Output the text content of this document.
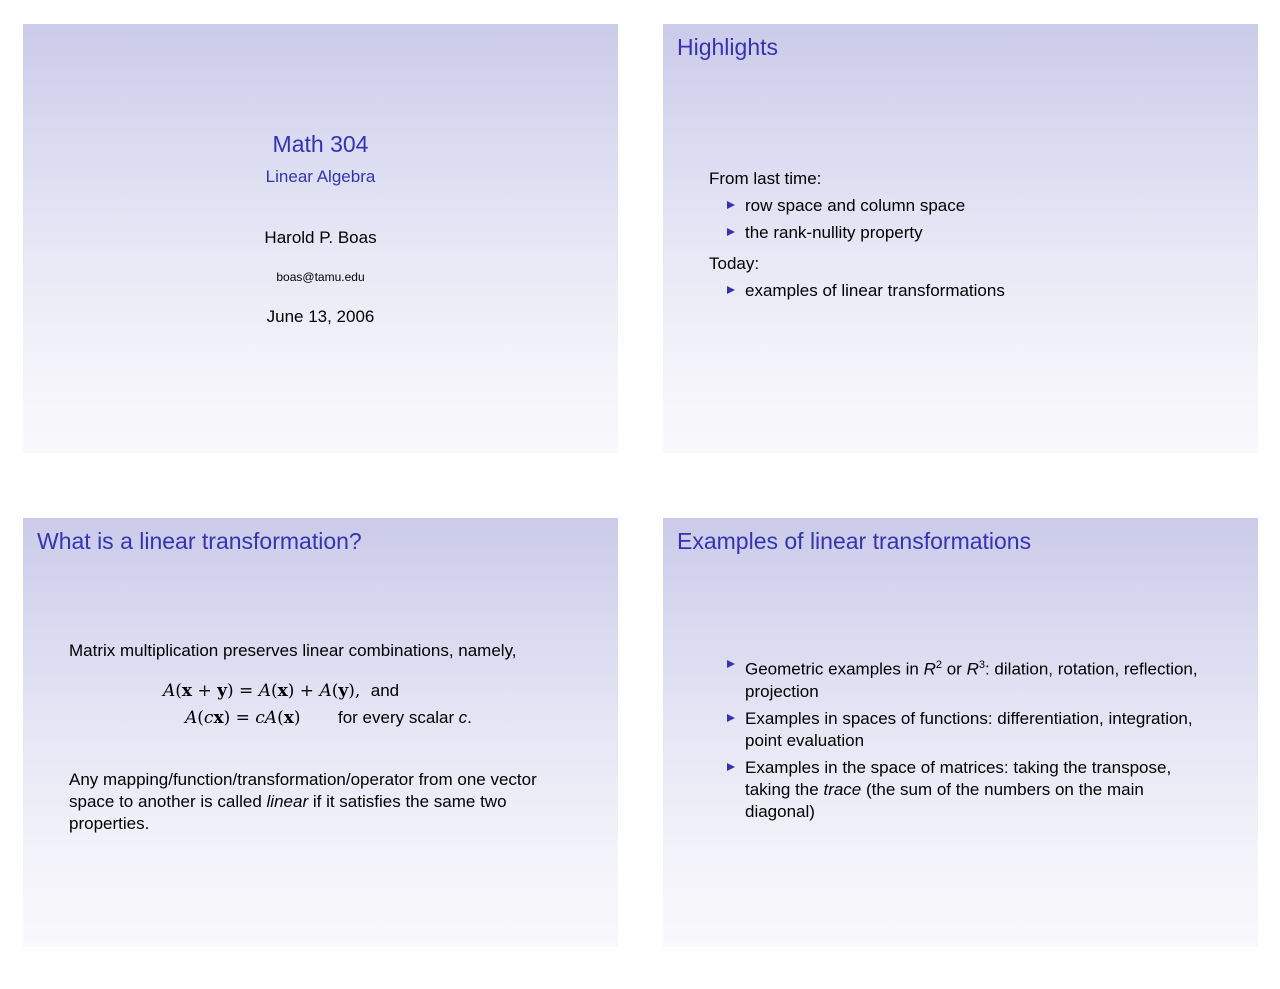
Math 304
Linear Algebra
Harold P. Boas
boas@tamu.edu
June 13, 2006
Highlights
From last time:
row space and column space
the rank-nullity property
Today:
examples of linear transformations
What is a linear transformation?
Matrix multiplication preserves linear combinations, namely,
A(x + y) = A(x) + A(y), and
A(cx) = cA(x) for every scalar c.
Any mapping/function/transformation/operator from one vector space to another is called linear if it satisfies the same two properties.
Examples of linear transformations
Geometric examples in $R^2$ or $R^3$: dilation, rotation, reflection, projection
Examples in spaces of functions: differentiation, integration, point evaluation
Examples in the space of matrices: taking the transpose, taking the trace (the sum of the numbers on the main diagonal)
